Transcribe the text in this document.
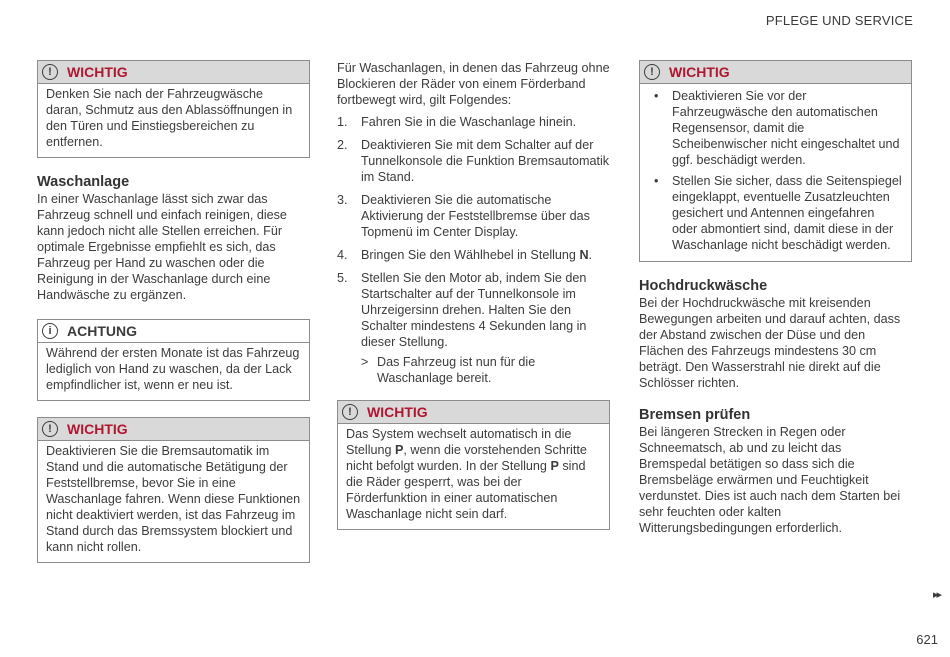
PFLEGE UND SERVICE
!	WICHTIG
Denken Sie nach der Fahrzeugwäsche daran, Schmutz aus den Ablassöffnungen in den Türen und Einstiegsbereichen zu entfernen.
Waschanlage

In einer Waschanlage lässt sich zwar das Fahrzeug schnell und einfach reinigen, diese kann jedoch nicht alle Stellen erreichen. Für optimale Ergebnisse empfiehlt es sich, das Fahrzeug per Hand zu waschen oder die Reinigung in der Waschanlage durch eine Handwäsche zu ergänzen.

i	ACHTUNG
Während der ersten Monate ist das Fahrzeug lediglich von Hand zu waschen, da der Lack empfindlicher ist, wenn er neu ist.
!	WICHTIG
Deaktivieren Sie die Bremsautomatik im Stand und die automatische Betätigung der Feststellbremse, bevor Sie in eine Waschanlage fahren. Wenn diese Funktionen nicht deaktiviert werden, ist das Fahrzeug im Stand durch das Bremssystem blockiert und kann nicht rollen.

Für Waschanlagen, in denen das Fahrzeug ohne Blockieren der Räder von einem Förderband fortbewegt wird, gilt Folgendes:

1. Fahren Sie in die Waschanlage hinein.
2. Deaktivieren Sie mit dem Schalter auf der Tunnelkonsole die Funktion Bremsautomatik im Stand.
3. Deaktivieren Sie die automatische Aktivierung der Feststellbremse über das Topmenü im Center Display.
4. Bringen Sie den Wählhebel in Stellung N.
5. Stellen Sie den Motor ab, indem Sie den Startschalter auf der Tunnelkonsole im Uhrzeigersinn drehen. Halten Sie den Schalter mindestens 4 Sekunden lang in dieser Stellung.
> Das Fahrzeug ist nun für die Waschanlage bereit.
!	WICHTIG
Das System wechselt automatisch in die Stellung P, wenn die vorstehenden Schritte nicht befolgt wurden. In der Stellung P sind die Räder gesperrt, was bei der Förderfunktion in einer automatischen Waschanlage nicht sein darf.
!	WICHTIG
• Deaktivieren Sie vor der Fahrzeugwäsche den automatischen Regensensor, damit die Scheibenwischer nicht eingeschaltet und ggf. beschädigt werden.
• Stellen Sie sicher, dass die Seitenspiegel eingeklappt, eventuelle Zusatzleuchten gesichert und Antennen eingefahren oder abmontiert sind, damit diese in der Waschanlage nicht beschädigt werden.
Hochdruckwäsche

Bei der Hochdruckwäsche mit kreisenden Bewegungen arbeiten und darauf achten, dass der Abstand zwischen der Düse und den Flächen des Fahrzeugs mindestens 30 cm beträgt. Den Wasserstrahl nie direkt auf die Schlösser richten.

Bremsen prüfen

Bei längeren Strecken in Regen oder Schneematsch, ab und zu leicht das Bremspedal betätigen so dass sich die Bremsbeläge erwärmen und Feuchtigkeit verdunstet. Dies ist auch nach dem Starten bei sehr feuchten oder kalten Witterungsbedingungen erforderlich.

▸▸
621
